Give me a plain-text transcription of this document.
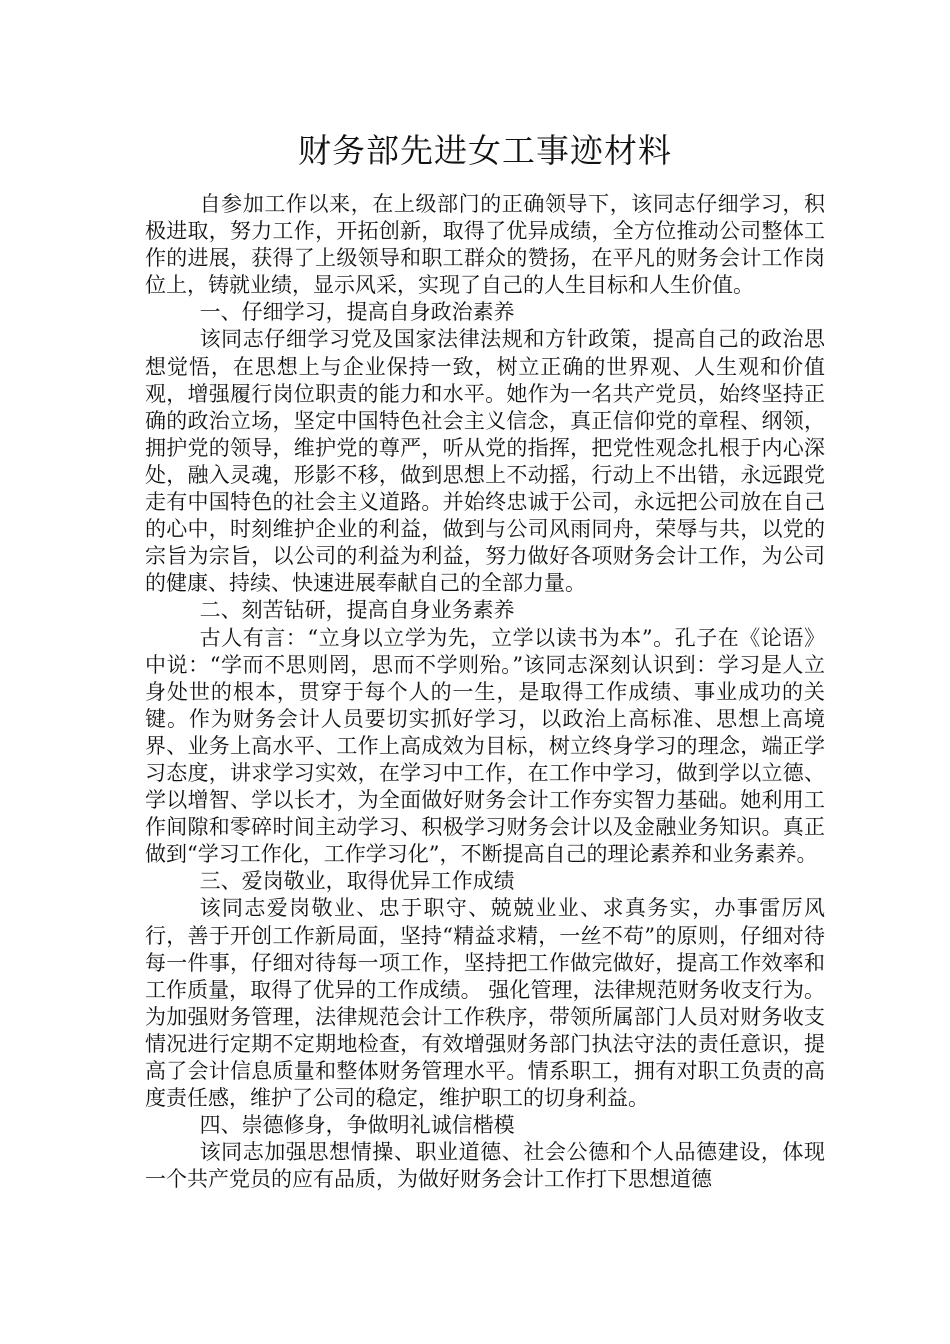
财务部先进女工事迹材料

自参加工作以来，在上级部门的正确领导下，该同志仔细学习，积极进取，努力工作，开拓创新，取得了优异成绩，全方位推动公司整体工作的进展，获得了上级领导和职工群众的赞扬，在平凡的财务会计工作岗位上，铸就业绩，显示风采，实现了自己的人生目标和人生价值。

一、仔细学习，提高自身政治素养

该同志仔细学习党及国家法律法规和方针政策，提高自己的政治思想觉悟，在思想上与企业保持一致，树立正确的世界观、人生观和价值观，增强履行岗位职责的能力和水平。她作为一名共产党员，始终坚持正确的政治立场，坚定中国特色社会主义信念，真正信仰党的章程、纲领，拥护党的领导，维护党的尊严，听从党的指挥，把党性观念扎根于内心深处，融入灵魂，形影不移，做到思想上不动摇，行动上不出错，永远跟党走有中国特色的社会主义道路。并始终忠诚于公司，永远把公司放在自己的心中，时刻维护企业的利益，做到与公司风雨同舟，荣辱与共，以党的宗旨为宗旨，以公司的利益为利益，努力做好各项财务会计工作，为公司的健康、持续、快速进展奉献自己的全部力量。

二、刻苦钻研，提高自身业务素养

古人有言：“立身以立学为先，立学以读书为本”。孔子在《论语》中说：“学而不思则罔，思而不学则殆。”该同志深刻认识到：学习是人立身处世的根本，贯穿于每个人的一生，是取得工作成绩、事业成功的关键。作为财务会计人员要切实抓好学习，以政治上高标准、思想上高境界、业务上高水平、工作上高成效为目标，树立终身学习的理念，端正学习态度，讲求学习实效，在学习中工作，在工作中学习，做到学以立德、学以增智、学以长才，为全面做好财务会计工作夯实智力基础。她利用工作间隙和零碎时间主动学习、积极学习财务会计以及金融业务知识。真正做到“学习工作化，工作学习化”，不断提高自己的理论素养和业务素养。

三、爱岗敬业，取得优异工作成绩

该同志爱岗敬业、忠于职守、兢兢业业、求真务实，办事雷厉风行，善于开创工作新局面，坚持“精益求精，一丝不苟”的原则，仔细对待每一件事，仔细对待每一项工作，坚持把工作做完做好，提高工作效率和工作质量，取得了优异的工作成绩。 强化管理，法律规范财务收支行为。为加强财务管理，法律规范会计工作秩序，带领所属部门人员对财务收支情况进行定期不定期地检查，有效增强财务部门执法守法的责任意识，提高了会计信息质量和整体财务管理水平。情系职工，拥有对职工负责的高度责任感，维护了公司的稳定，维护职工的切身利益。

四、崇德修身，争做明礼诚信楷模

该同志加强思想情操、职业道德、社会公德和个人品德建设，体现一个共产党员的应有品质，为做好财务会计工作打下思想道德
